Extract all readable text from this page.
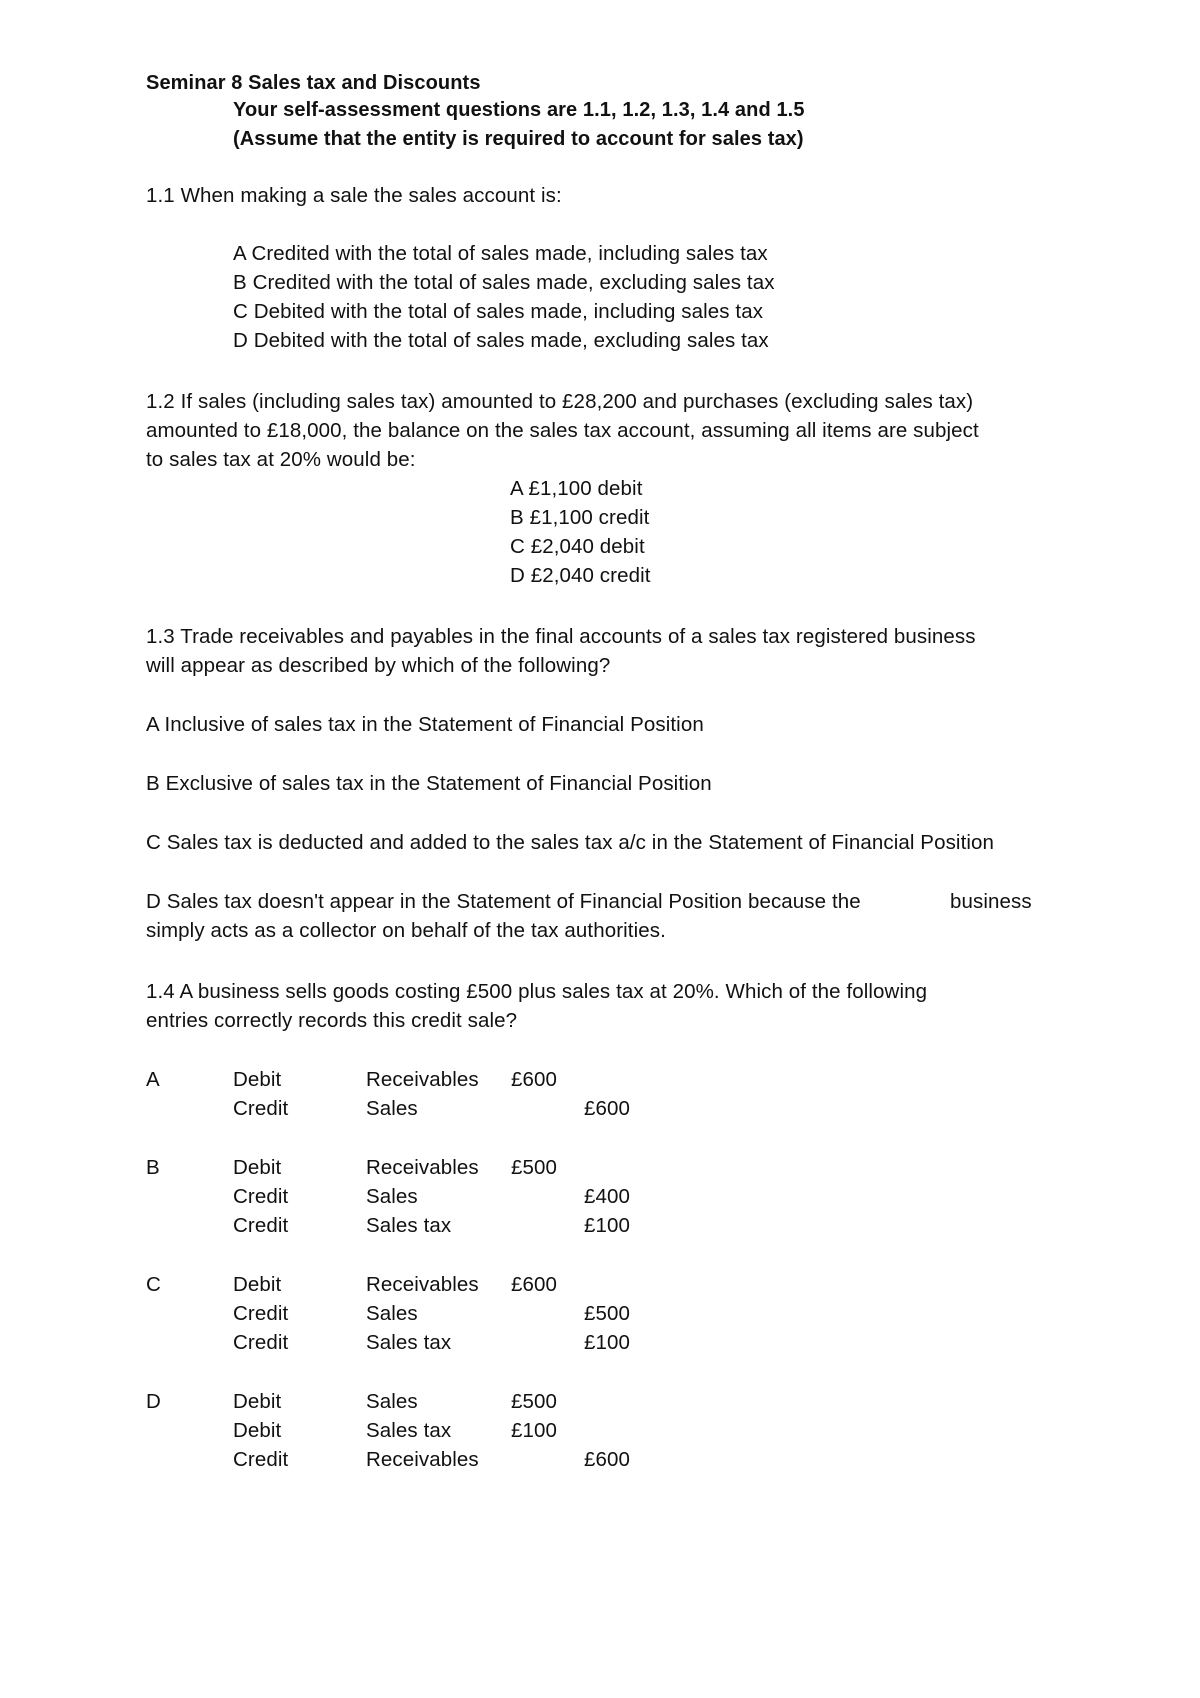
Seminar 8 Sales tax and Discounts
Your self-assessment questions are 1.1, 1.2, 1.3, 1.4 and 1.5
(Assume that the entity is required to account for sales tax)
1.1 When making a sale the sales account is:
A Credited with the total of sales made, including sales tax
B Credited with the total of sales made, excluding sales tax
C Debited with the total of sales made, including sales tax
D Debited with the total of sales made, excluding sales tax
1.2 If sales (including sales tax) amounted to £28,200 and purchases (excluding sales tax)
amounted to £18,000, the balance on the sales tax account, assuming all items are subject
to sales tax at 20% would be:
A £1,100 debit
B £1,100 credit
C £2,040 debit
D £2,040 credit
1.3 Trade receivables and payables in the final accounts of a sales tax registered business
will appear as described by which of the following?
A Inclusive of sales tax in the Statement of Financial Position
B Exclusive of sales tax in the Statement of Financial Position
C Sales tax is deducted and added to the sales tax a/c in the Statement of Financial Position
D Sales tax doesn't appear in the Statement of Financial Position because the	business
simply acts as a collector on behalf of the tax authorities.
1.4 A business sells goods costing £500 plus sales tax at 20%. Which of the following
entries correctly records this credit sale?
A	Debit	Receivables £600
Credit	Sales	£600
B	Debit	Receivables £500
Credit	Sales	£400
Credit	Sales tax	£100
C	Debit	Receivables £600
Credit	Sales	£500
Credit	Sales tax	£100
D	Debit	Sales	£500
Debit	Sales tax	£100
Credit	Receivables	£600
